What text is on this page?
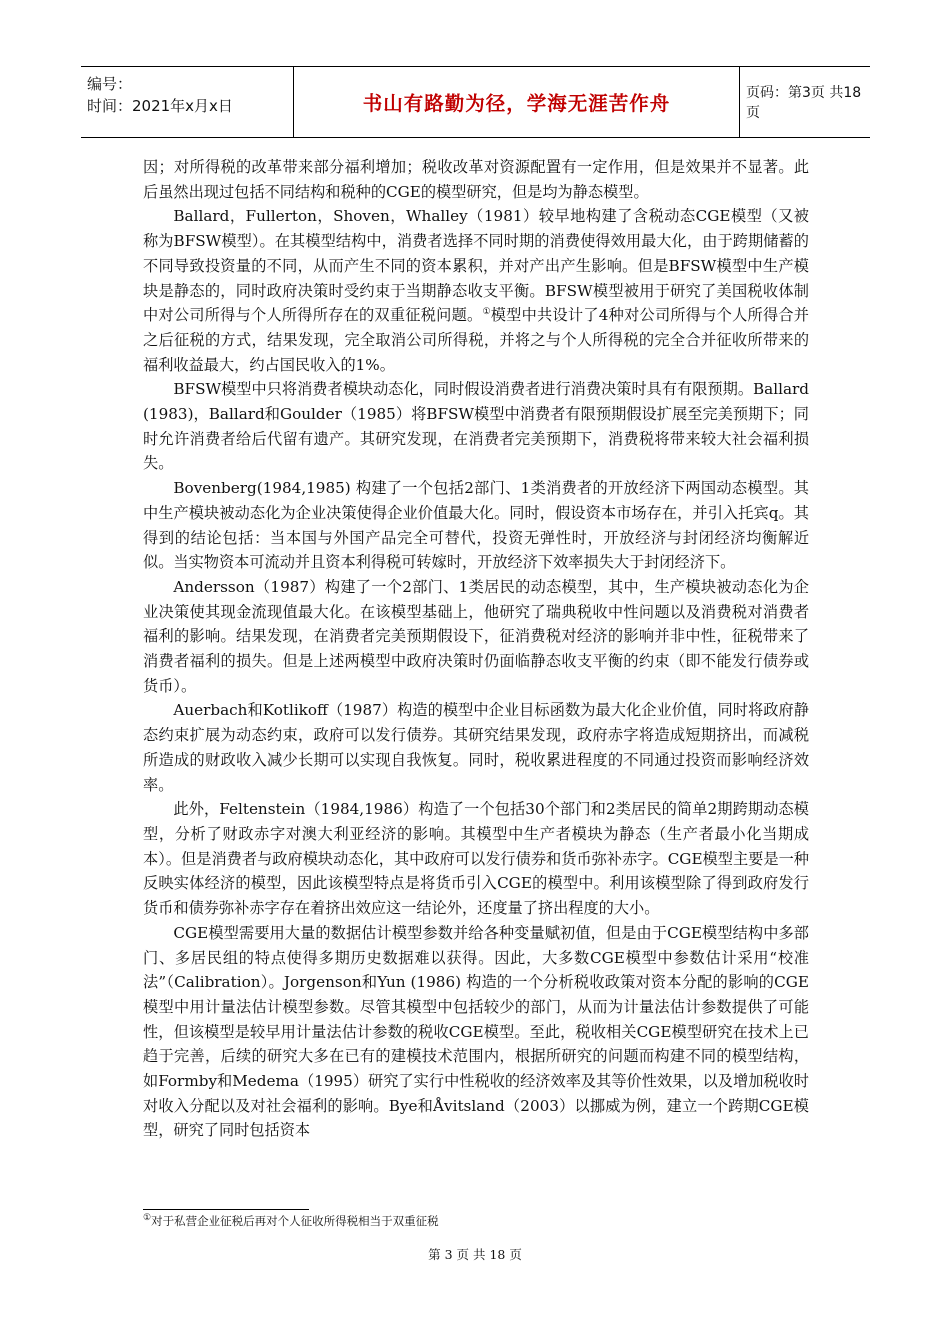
编号：
时间：2021年x月x日	书山有路勤为径，学海无涯苦作舟	页码：第3页 共18页

因；对所得税的改革带来部分福利增加；税收改革对资源配置有一定作用，但是效果并不显著。此后虽然出现过包括不同结构和税种的CGE的模型研究，但是均为静态模型。

Ballard，Fullerton，Shoven，Whalley（1981）较早地构建了含税动态CGE模型（又被称为BFSW模型）。在其模型结构中，消费者选择不同时期的消费使得效用最大化，由于跨期储蓄的不同导致投资量的不同，从而产生不同的资本累积，并对产出产生影响。但是BFSW模型中生产模块是静态的，同时政府决策时受约束于当期静态收支平衡。BFSW模型被用于研究了美国税收体制中对公司所得与个人所得所存在的双重征税问题。①模型中共设计了4种对公司所得与个人所得合并之后征税的方式，结果发现，完全取消公司所得税，并将之与个人所得税的完全合并征收所带来的福利收益最大，约占国民收入的1%。

BFSW模型中只将消费者模块动态化，同时假设消费者进行消费决策时具有有限预期。Ballard (1983)，Ballard和Goulder（1985）将BFSW模型中消费者有限预期假设扩展至完美预期下；同时允许消费者给后代留有遗产。其研究发现，在消费者完美预期下，消费税将带来较大社会福利损失。

Bovenberg(1984,1985) 构建了一个包括2部门、1类消费者的开放经济下两国动态模型。其中生产模块被动态化为企业决策使得企业价值最大化。同时，假设资本市场存在，并引入托宾q。其得到的结论包括：当本国与外国产品完全可替代，投资无弹性时，开放经济与封闭经济均衡解近似。当实物资本可流动并且资本利得税可转嫁时，开放经济下效率损失大于封闭经济下。

Andersson（1987）构建了一个2部门、1类居民的动态模型，其中，生产模块被动态化为企业决策使其现金流现值最大化。在该模型基础上，他研究了瑞典税收中性问题以及消费税对消费者福利的影响。结果发现，在消费者完美预期假设下，征消费税对经济的影响并非中性，征税带来了消费者福利的损失。但是上述两模型中政府决策时仍面临静态收支平衡的约束（即不能发行债券或货币）。

Auerbach和Kotlikoff（1987）构造的模型中企业目标函数为最大化企业价值，同时将政府静态约束扩展为动态约束，政府可以发行债券。其研究结果发现，政府赤字将造成短期挤出，而减税所造成的财政收入减少长期可以实现自我恢复。同时，税收累进程度的不同通过投资而影响经济效率。

此外，Feltenstein（1984,1986）构造了一个包括30个部门和2类居民的简单2期跨期动态模型，分析了财政赤字对澳大利亚经济的影响。其模型中生产者模块为静态（生产者最小化当期成本）。但是消费者与政府模块动态化，其中政府可以发行债券和货币弥补赤字。CGE模型主要是一种反映实体经济的模型，因此该模型特点是将货币引入CGE的模型中。利用该模型除了得到政府发行货币和债券弥补赤字存在着挤出效应这一结论外，还度量了挤出程度的大小。

CGE模型需要用大量的数据估计模型参数并给各种变量赋初值，但是由于CGE模型结构中多部门、多居民组的特点使得多期历史数据难以获得。因此，大多数CGE模型中参数估计采用“校准法”（Calibration）。Jorgenson和Yun (1986) 构造的一个分析税收政策对资本分配的影响的CGE模型中用计量法估计模型参数。尽管其模型中包括较少的部门，从而为计量法估计参数提供了可能性，但该模型是较早用计量法估计参数的税收CGE模型。至此，税收相关CGE模型研究在技术上已趋于完善，后续的研究大多在已有的建模技术范围内，根据所研究的问题而构建不同的模型结构，如Formby和Medema（1995）研究了实行中性税收的经济效率及其等价性效果，以及增加税收时对收入分配以及对社会福利的影响。Bye和Åvitsland（2003）以挪威为例，建立一个跨期CGE模型，研究了同时包括资本

①对于私营企业征税后再对个人征收所得税相当于双重征税
第 3 页 共 18 页
